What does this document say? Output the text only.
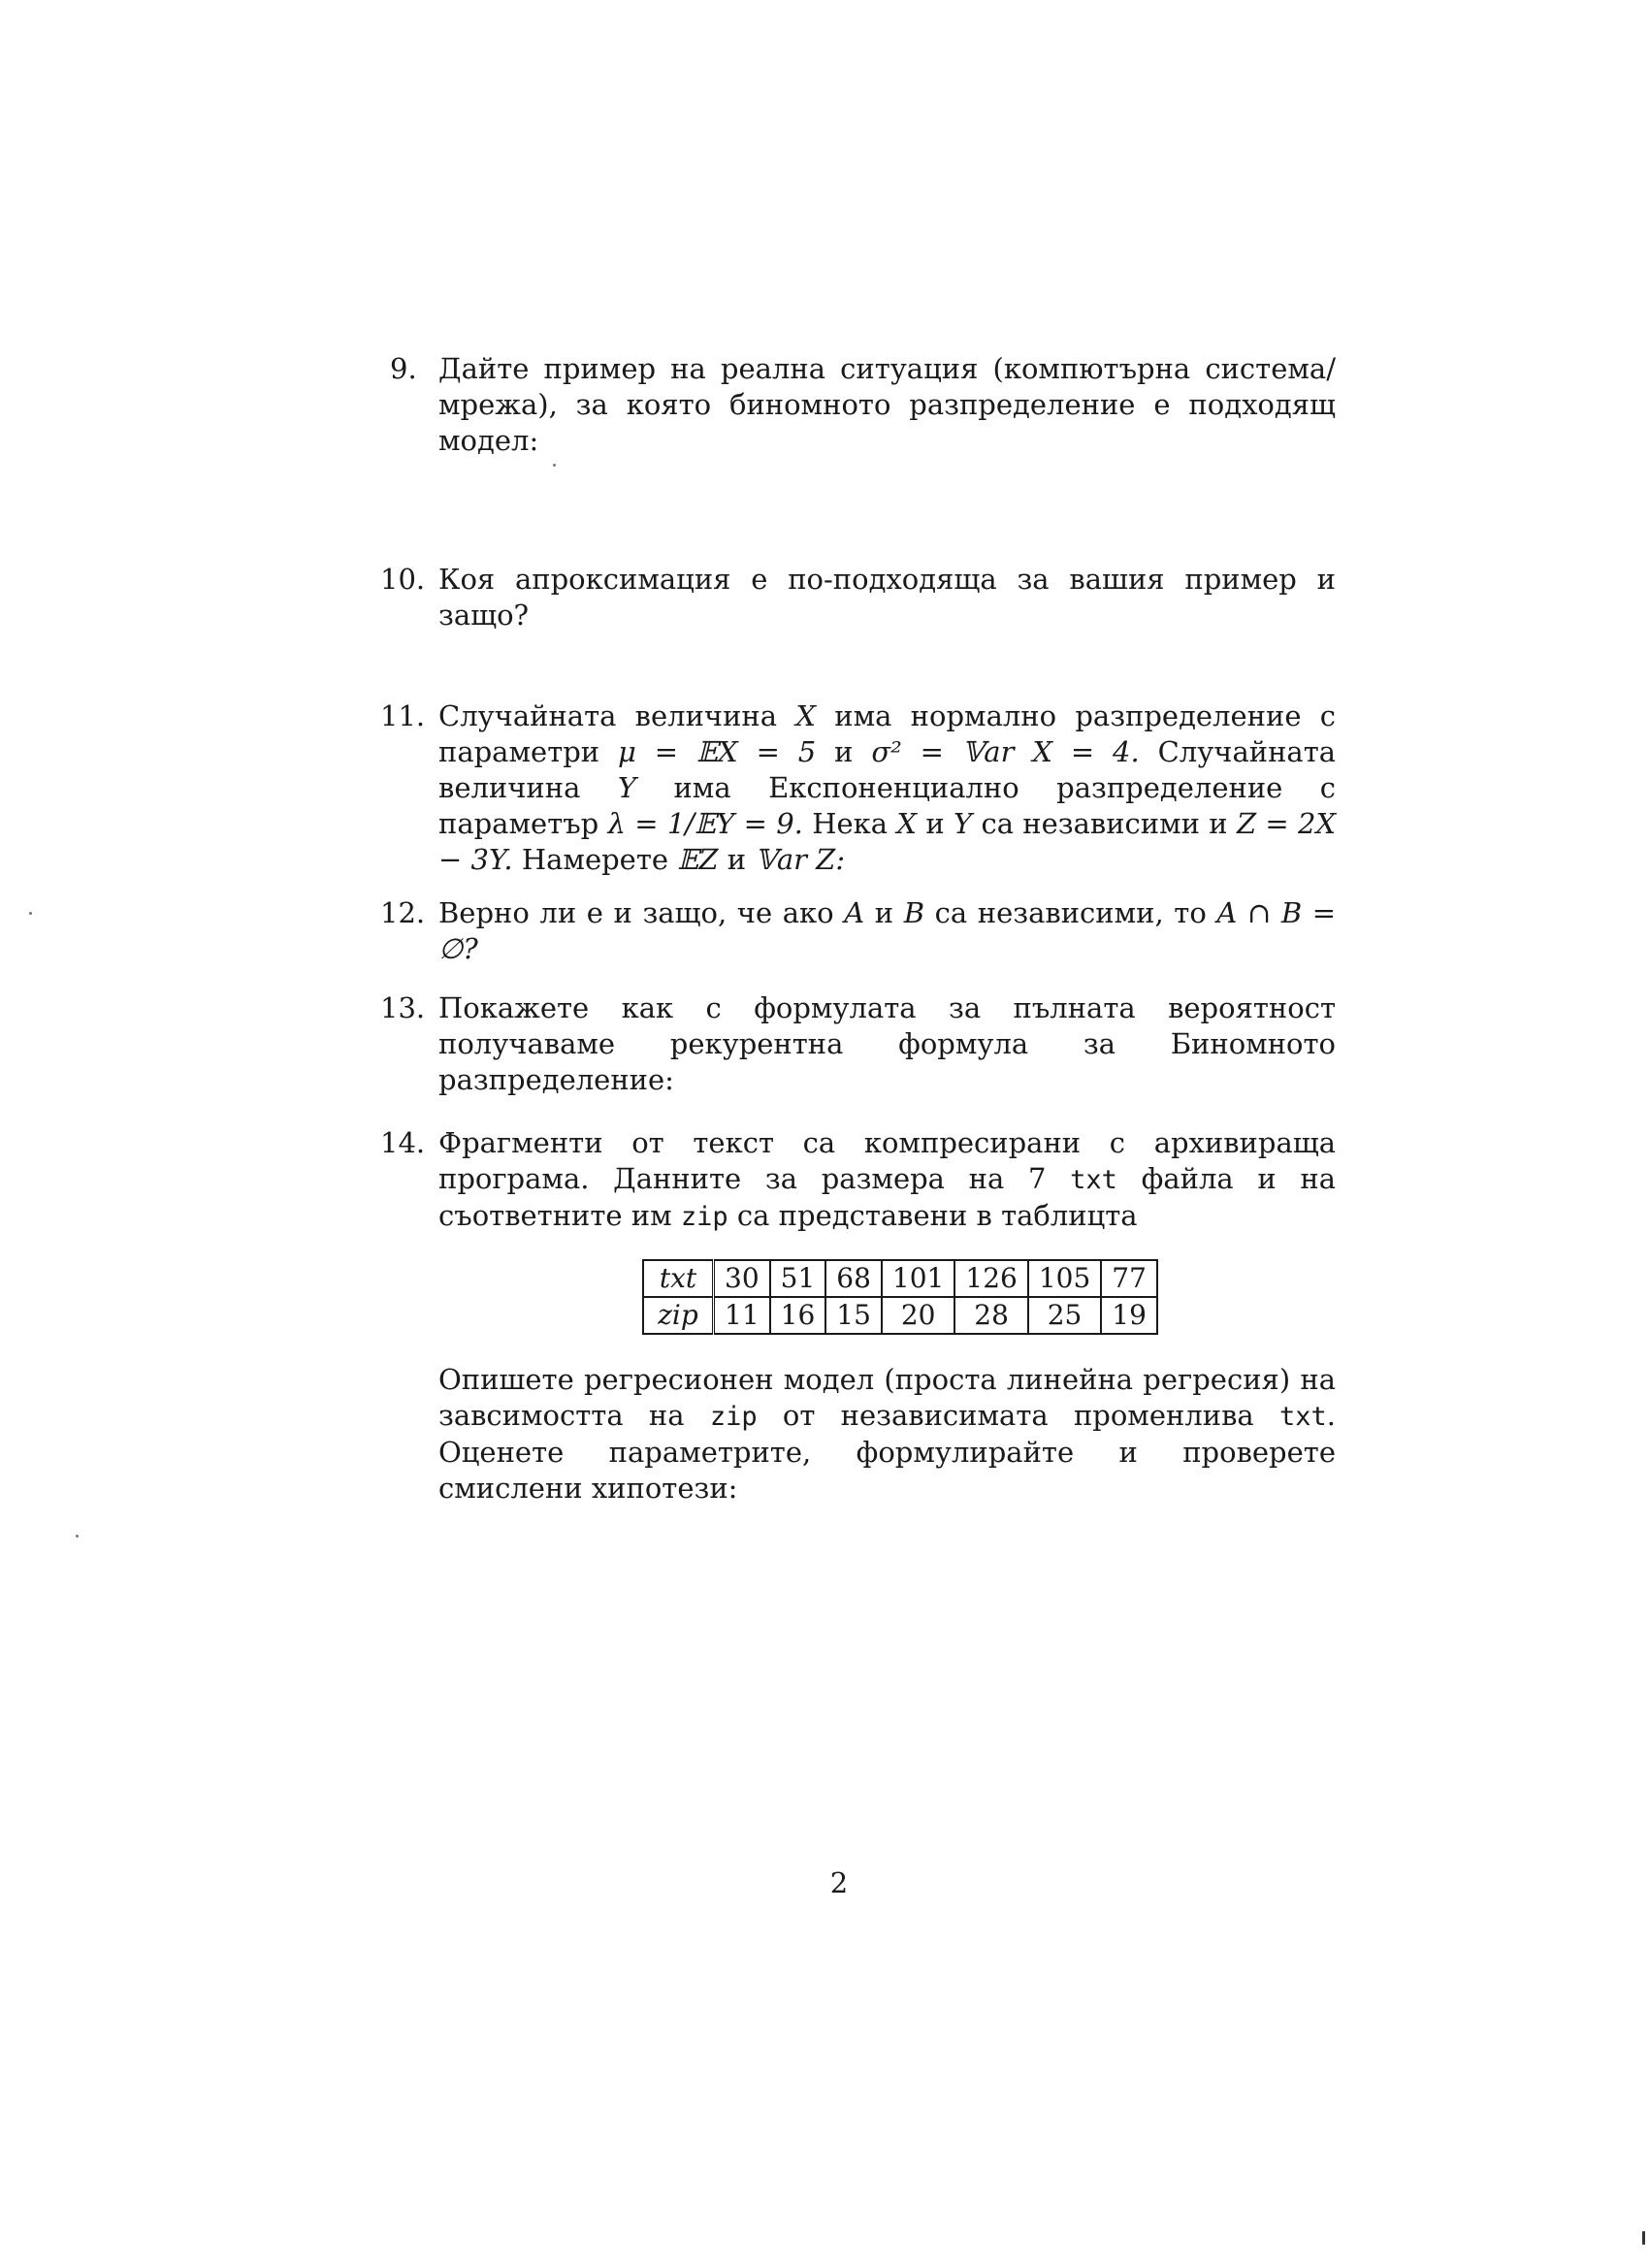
9. Дайте пример на реална ситуация (компютърна система/мрежа), за която биномното разпределение е подходящ модел:
10. Коя апроксимация е по-подходяща за вашия пример и защо?
11. Случайната величина X има нормално разпределение с параметри μ = 𝔼X = 5 и σ² = 𝕍ar X = 4. Случайната величина Y има Експоненциално разпределение с параметър λ = 1/𝔼Y = 9. Нека X и Y са независими и Z = 2X − 3Y. Намерете 𝔼Z и 𝕍ar Z:
12. Верно ли е и защо, че ако A и B са независими, то A ∩ B = ∅?
13. Покажете как с формулата за пълната вероятност получаваме рекурентна формула за Биномното разпределение:
14. Фрагменти от текст са компресирани с архивираща програма. Данните за размера на 7 txt файла и на съответните им zip са представени в таблицта
txt	30	51	68	101	126	105	77
zip	11	16	15	20	28	25	19
Опишете регресионен модел (проста линейна регресия) на завсимостта на zip от независимата променлива txt. Оценете параметрите, формулирайте и проверете смислени хипотези:
2
